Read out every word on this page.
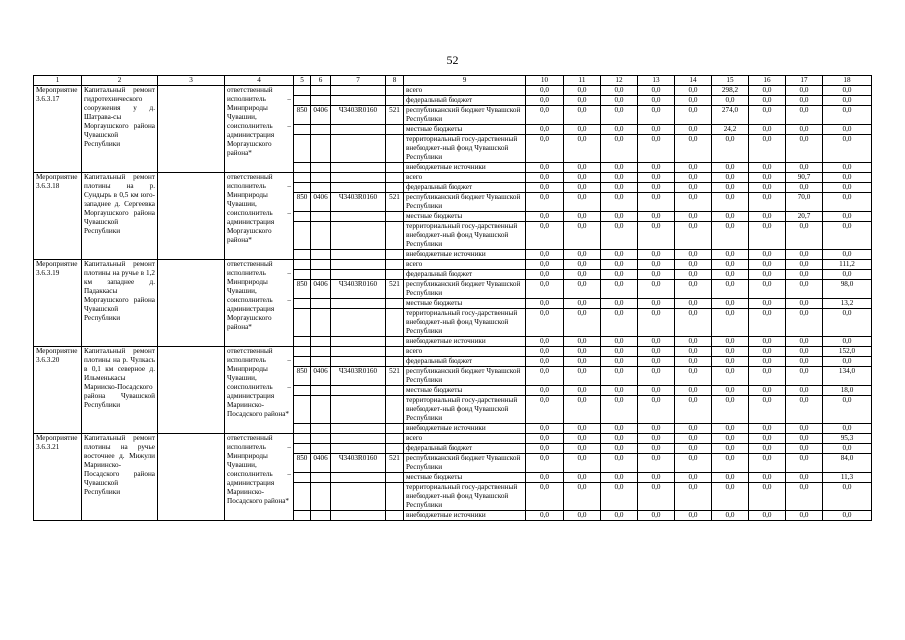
52
1	2	3	4	5	6	7	8	9	10	11	12	13	14	15	16	17	18
Мероприятие 3.6.3.17	Капитальный ремонт гидротехнического сооружения у д. Шатрава-сы Моргаушского района Чувашской Республики		ответственный исполнитель – Минприроды Чувашии, соисполнитель – администрация Моргаушского района*					всего	0,0	0,0	0,0	0,0	0,0	298,2	0,0	0,0	0,0
								федеральный бюджет	0,0	0,0	0,0	0,0	0,0	0,0	0,0	0,0	0,0
				850	0406	Ч3403R0160	521	республиканский бюджет Чувашской Республики	0,0	0,0	0,0	0,0	0,0	274,0	0,0	0,0	0,0
								местные бюджеты	0,0	0,0	0,0	0,0	0,0	24,2	0,0	0,0	0,0
								территориальный госу-дарственный внебюджет-ный фонд Чувашской Республики	0,0	0,0	0,0	0,0	0,0	0,0	0,0	0,0	0,0
								внебюджетные источники	0,0	0,0	0,0	0,0	0,0	0,0	0,0	0,0	0,0
Мероприятие 3.6.3.18	Капитальный ремонт плотины на р. Сундырь в 0,5 км юго-западнее д. Сергеевка Моргаушского района Чувашской Республики		ответственный исполнитель – Минприроды Чувашии, соисполнитель – администрация Моргаушского района*					всего	0,0	0,0	0,0	0,0	0,0	0,0	0,0	90,7	0,0
								федеральный бюджет	0,0	0,0	0,0	0,0	0,0	0,0	0,0	0,0	0,0
				850	0406	Ч3403R0160	521	республиканский бюджет Чувашской Республики	0,0	0,0	0,0	0,0	0,0	0,0	0,0	70,0	0,0
								местные бюджеты	0,0	0,0	0,0	0,0	0,0	0,0	0,0	20,7	0,0
								территориальный госу-дарственный внебюджет-ный фонд Чувашской Республики	0,0	0,0	0,0	0,0	0,0	0,0	0,0	0,0	0,0
								внебюджетные источники	0,0	0,0	0,0	0,0	0,0	0,0	0,0	0,0	0,0
Мероприятие 3.6.3.19	Капитальный ремонт плотины на ручье в 1,2 км западнее д. Падаккасы Моргаушского района Чувашской Республики		ответственный исполнитель – Минприроды Чувашии, соисполнитель – администрация Моргаушского района*					всего	0,0	0,0	0,0	0,0	0,0	0,0	0,0	0,0	111,2
								федеральный бюджет	0,0	0,0	0,0	0,0	0,0	0,0	0,0	0,0	0,0
				850	0406	Ч3403R0160	521	республиканский бюджет Чувашской Республики	0,0	0,0	0,0	0,0	0,0	0,0	0,0	0,0	98,0
								местные бюджеты	0,0	0,0	0,0	0,0	0,0	0,0	0,0	0,0	13,2
								территориальный госу-дарственный внебюджет-ный фонд Чувашской Республики	0,0	0,0	0,0	0,0	0,0	0,0	0,0	0,0	0,0
								внебюджетные источники	0,0	0,0	0,0	0,0	0,0	0,0	0,0	0,0	0,0
Мероприятие 3.6.3.20	Капитальный ремонт плотины на р. Чулкась в 0,1 км северное д. Ильменькасы Марииско-Посадского района Чувашской Республики		ответственный исполнитель – Минприроды Чувашии, соисполнитель – администрация Мариинско-Посадского района*					всего	0,0	0,0	0,0	0,0	0,0	0,0	0,0	0,0	152,0
								федеральный бюджет	0,0	0,0	0,0	0,0	0,0	0,0	0,0	0,0	0,0
				850	0406	Ч3403R0160	521	республиканский бюджет Чувашской Республики	0,0	0,0	0,0	0,0	0,0	0,0	0,0	0,0	134,0
								местные бюджеты	0,0	0,0	0,0	0,0	0,0	0,0	0,0	0,0	18,0
								территориальный госу-дарственный внебюджет-ный фонд Чувашской Республики	0,0	0,0	0,0	0,0	0,0	0,0	0,0	0,0	0,0
								внебюджетные источники	0,0	0,0	0,0	0,0	0,0	0,0	0,0	0,0	0,0
Мероприятие 3.6.3.21	Капитальный ремонт плотины на ручье восточнее д. Мижули Мариинско-Посадского района Чувашской Республики		ответственный исполнитель – Минприроды Чувашии, соисполнитель – администрация Мариинско-Посадского района*					всего	0,0	0,0	0,0	0,0	0,0	0,0	0,0	0,0	95,3
								федеральный бюджет	0,0	0,0	0,0	0,0	0,0	0,0	0,0	0,0	0,0
				850	0406	Ч3403R0160	521	республиканский бюджет Чувашской Республики	0,0	0,0	0,0	0,0	0,0	0,0	0,0	0,0	84,0
								местные бюджеты	0,0	0,0	0,0	0,0	0,0	0,0	0,0	0,0	11,3
								территориальный госу-дарственный внебюджет-ный фонд Чувашской Республики	0,0	0,0	0,0	0,0	0,0	0,0	0,0	0,0	0,0
								внебюджетные источники	0,0	0,0	0,0	0,0	0,0	0,0	0,0	0,0	0,0
